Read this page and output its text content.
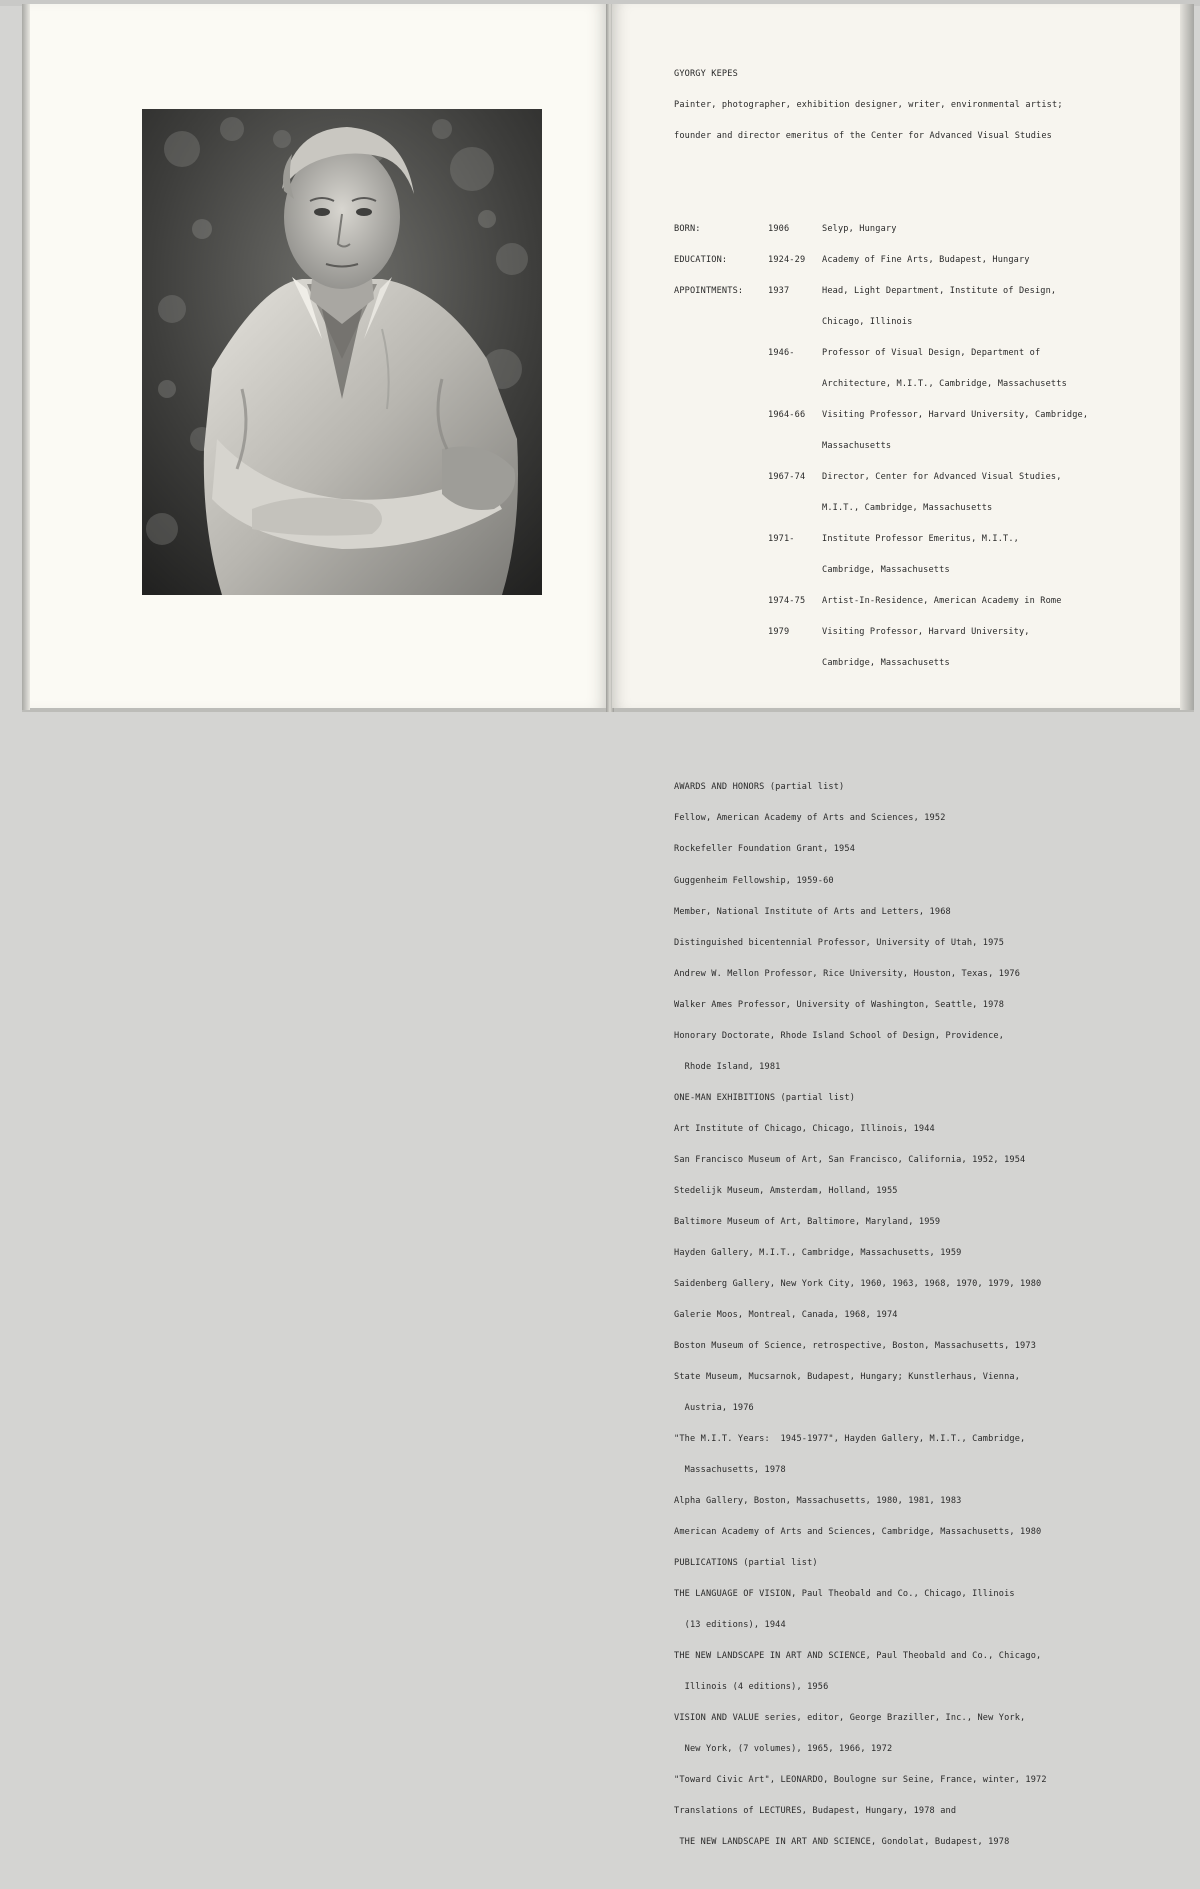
GYORGY KEPES

Painter, photographer, exhibition designer, writer, environmental artist;

founder and director emeritus of the Center for Advanced Visual Studies

BORN:	1906	Selyp, Hungary

EDUCATION:	1924-29 Academy of Fine Arts, Budapest, Hungary

APPOINTMENTS:	1937	Head, Light Department, Institute of Design,

Chicago, Illinois

1946-	Professor of Visual Design, Department of

Architecture, M.I.T., Cambridge, Massachusetts

1964-66 Visiting Professor, Harvard University, Cambridge,

Massachusetts

1967-74 Director, Center for Advanced Visual Studies,

M.I.T., Cambridge, Massachusetts

1971-	Institute Professor Emeritus, M.I.T.,

Cambridge, Massachusetts

1974-75 Artist-In-Residence, American Academy in Rome

1979	Visiting Professor, Harvard University,

Cambridge, Massachusetts

AWARDS AND HONORS (partial list)

Fellow, American Academy of Arts and Sciences, 1952

Rockefeller Foundation Grant, 1954

Guggenheim Fellowship, 1959-60

Member, National Institute of Arts and Letters, 1968

Distinguished bicentennial Professor, University of Utah, 1975

Andrew W. Mellon Professor, Rice University, Houston, Texas, 1976

Walker Ames Professor, University of Washington, Seattle, 1978

Honorary Doctorate, Rhode Island School of Design, Providence,

Rhode Island, 1981

ONE-MAN EXHIBITIONS (partial list)

Art Institute of Chicago, Chicago, Illinois, 1944

San Francisco Museum of Art, San Francisco, California, 1952, 1954

Stedelijk Museum, Amsterdam, Holland, 1955

Baltimore Museum of Art, Baltimore, Maryland, 1959

Hayden Gallery, M.I.T., Cambridge, Massachusetts, 1959

Saidenberg Gallery, New York City, 1960, 1963, 1968, 1970, 1979, 1980

Galerie Moos, Montreal, Canada, 1968, 1974

Boston Museum of Science, retrospective, Boston, Massachusetts, 1973

State Museum, Mucsarnok, Budapest, Hungary; Kunstlerhaus, Vienna,

Austria, 1976

"The M.I.T. Years:  1945-1977", Hayden Gallery, M.I.T., Cambridge,

Massachusetts, 1978

Alpha Gallery, Boston, Massachusetts, 1980, 1981, 1983

American Academy of Arts and Sciences, Cambridge, Massachusetts, 1980

PUBLICATIONS (partial list)

THE LANGUAGE OF VISION, Paul Theobald and Co., Chicago, Illinois

(13 editions), 1944

THE NEW LANDSCAPE IN ART AND SCIENCE, Paul Theobald and Co., Chicago,

Illinois (4 editions), 1956

VISION AND VALUE series, editor, George Braziller, Inc., New York,

New York, (7 volumes), 1965, 1966, 1972

"Toward Civic Art", LEONARDO, Boulogne sur Seine, France, winter, 1972

Translations of LECTURES, Budapest, Hungary, 1978 and

THE NEW LANDSCAPE IN ART AND SCIENCE, Gondolat, Budapest, 1978
